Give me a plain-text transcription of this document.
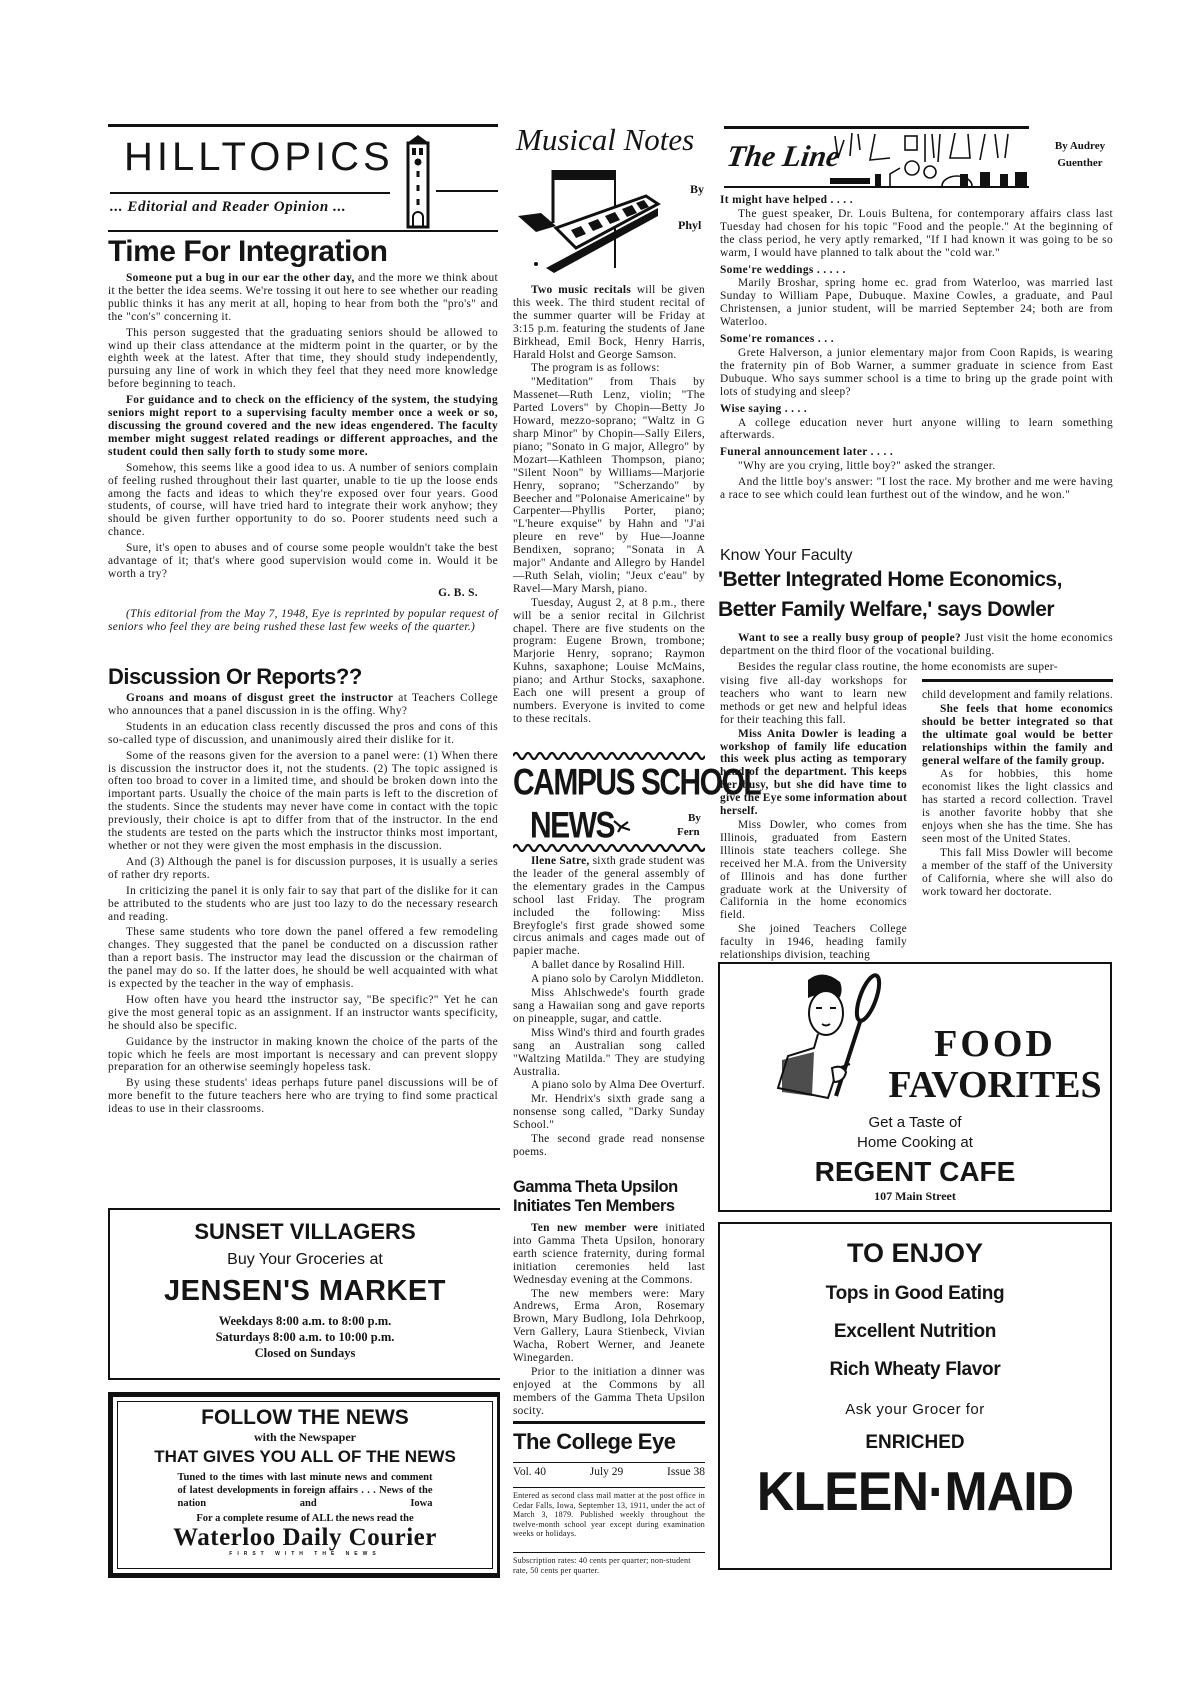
HILLTOPICS
... Editorial and Reader Opinion ...
Time For Integration

Someone put a bug in our ear the other day, and the more we think about it the better the idea seems. We're tossing it out here to see whether our reading public thinks it has any merit at all, hoping to hear from both the "pro's" and the "con's" concerning it.

This person suggested that the graduating seniors should be allowed to wind up their class attendance at the midterm point in the quarter, or by the eighth week at the latest. After that time, they should study independently, pursuing any line of work in which they feel that they need more knowledge before beginning to teach.

For guidance and to check on the efficiency of the system, the studying seniors might report to a supervising faculty member once a week or so, discussing the ground covered and the new ideas engendered. The faculty member might suggest related readings or different approaches, and the student could then sally forth to study some more.

Somehow, this seems like a good idea to us. A number of seniors complain of feeling rushed throughout their last quarter, unable to tie up the loose ends among the facts and ideas to which they're exposed over four years. Good students, of course, will have tried hard to integrate their work anyhow; they should be given further opportunity to do so. Poorer students need such a chance.

Sure, it's open to abuses and of course some people wouldn't take the best advantage of it; that's where good supervision would come in. Would it be worth a try?

G. B. S.

(This editorial from the May 7, 1948, Eye is reprinted by popular request of seniors who feel they are being rushed these last few weeks of the quarter.)

Discussion Or Reports??

Groans and moans of disgust greet the instructor at Teachers College who announces that a panel discussion in is the offing. Why?

Students in an education class recently discussed the pros and cons of this so-called type of discussion, and unanimously aired their dislike for it.

Some of the reasons given for the aversion to a panel were: (1) When there is discussion the instructor does it, not the students. (2) The topic assigned is often too broad to cover in a limited time, and should be broken down into the important parts. Usually the choice of the main parts is left to the discretion of the students. Since the students may never have come in contact with the topic previously, their choice is apt to differ from that of the instructor. In the end the students are tested on the parts which the instructor thinks most important, whether or not they were given the most emphasis in the discussion.

And (3) Although the panel is for discussion purposes, it is usually a series of rather dry reports.

In criticizing the panel it is only fair to say that part of the dislike for it can be attributed to the students who are just too lazy to do the necessary research and reading.

These same students who tore down the panel offered a few remodeling changes. They suggested that the panel be conducted on a discussion rather than a report basis. The instructor may lead the discussion or the chairman of the panel may do so. If the latter does, he should be well acquainted with what is expected by the teacher in the way of emphasis.

How often have you heard tthe instructor say, "Be specific?" Yet he can give the most general topic as an assignment. If an instructor wants specificity, he should also be specific.

Guidance by the instructor in making known the choice of the parts of the topic which he feels are most important is necessary and can prevent sloppy preparation for an otherwise seemingly hopeless task.

By using these students' ideas perhaps future panel discussions will be of more benefit to the future teachers here who are trying to find some practical ideas to use in their classrooms.

SUNSET VILLAGERS
Buy Your Groceries at
JENSEN'S MARKET
Weekdays 8:00 a.m. to 8:00 p.m.
Saturdays 8:00 a.m. to 10:00 p.m.
Closed on Sundays
FOLLOW THE NEWS
with the Newspaper
THAT GIVES YOU ALL OF THE NEWS
Tuned to the times with last minute news and comment of latest developments in foreign affairs . . . News of the nation and Iowa
For a complete resume of ALL the news read the
Waterloo Daily Courier
FIRST WITH THE NEWS
Musical Notes
By
Phyl

Two music recitals will be given this week. The third student recital of the summer quarter will be Friday at 3:15 p.m. featuring the students of Jane Birkhead, Emil Bock, Henry Harris, Harald Holst and George Samson.

The program is as follows:

"Meditation" from Thais by Massenet—Ruth Lenz, violin; "The Parted Lovers" by Chopin—Betty Jo Howard, mezzo-soprano; "Waltz in G sharp Minor" by Chopin—Sally Eilers, piano; "Sonato in G major, Allegro" by Mozart—Kathleen Thompson, piano; "Silent Noon" by Williams—Marjorie Henry, soprano; "Scherzando" by Beecher and "Polonaise Americaine" by Carpenter—Phyllis Porter, piano; "L'heure exquise" by Hahn and "J'ai pleure en reve" by Hue—Joanne Bendixen, soprano; "Sonata in A major" Andante and Allegro by Handel—Ruth Selah, violin; "Jeux c'eau" by Ravel—Mary Marsh, piano.

Tuesday, August 2, at 8 p.m., there will be a senior recital in Gilchrist chapel. There are five students on the program: Eugene Brown, trombone; Marjorie Henry, soprano; Raymon Kuhns, saxaphone; Louise McMains, piano; and Arthur Stocks, saxaphone. Each one will present a group of numbers. Everyone is invited to come to these recitals.

CAMPUS SCHOOL
NEWS	By
Fern

Ilene Satre, sixth grade student was the leader of the general assembly of the elementary grades in the Campus school last Friday. The program included the following: Miss Breyfogle's first grade showed some circus animals and cages made out of papier mache.

A ballet dance by Rosalind Hill.

A piano solo by Carolyn Middleton.

Miss Ahlschwede's fourth grade sang a Hawaiian song and gave reports on pineapple, sugar, and cattle.

Miss Wind's third and fourth grades sang an Australian song called "Waltzing Matilda." They are studying Australia.

A piano solo by Alma Dee Overturf.

Mr. Hendrix's sixth grade sang a nonsense song called, "Darky Sunday School."

The second grade read nonsense poems.

Gamma Theta Upsilon Initiates Ten Members

Ten new member were initiated into Gamma Theta Upsilon, honorary earth science fraternity, during formal initiation ceremonies held last Wednesday evening at the Commons.

The new members were: Mary Andrews, Erma Aron, Rosemary Brown, Mary Budlong, Iola Dehrkoop, Vern Gallery, Laura Stienbeck, Vivian Wacha, Robert Werner, and Jeanete Winegarden.

Prior to the initiation a dinner was enjoyed at the Commons by all members of the Gamma Theta Upsilon socity.

The College Eye
Vol. 40	July 29	Issue 38
Entered as second class mail matter at the post office in Cedar Falls, Iowa, September 13, 1911, under the act of March 3, 1879. Published weekly throughout the twelve-month school year except during examination weeks or holidays.
Subscription rates: 40 cents per quarter; non-student rate, 50 cents per quarter.
The Line	By Audrey
Guenther

It might have helped . . . .

The guest speaker, Dr. Louis Bultena, for contemporary affairs class last Tuesday had chosen for his topic "Food and the people." At the beginning of the class period, he very aptly remarked, "If I had known it was going to be so warm, I would have planned to talk about the "cold war."

Some're weddings . . . . .

Marily Broshar, spring home ec. grad from Waterloo, was married last Sunday to William Pape, Dubuque. Maxine Cowles, a graduate, and Paul Christensen, a junior student, will be married September 24; both are from Waterloo.

Some're romances . . .

Grete Halverson, a junior elementary major from Coon Rapids, is wearing the fraternity pin of Bob Warner, a summer graduate in science from East Dubuque. Who says summer school is a time to bring up the grade point with lots of studying and sleep?

Wise saying . . . .

A college education never hurt anyone willing to learn something afterwards.

Funeral announcement later . . . .

"Why are you crying, little boy?" asked the stranger.

And the little boy's answer: "I lost the race. My brother and me were having a race to see which could lean furthest out of the window, and he won."

Know Your Faculty
'Better Integrated Home Economics,
Better Family Welfare,' says Dowler

Want to see a really busy group of people? Just visit the home economics department on the third floor of the vocational building.

Besides the regular class routine, the home economists are super-

vising five all-day workshops for teachers who want to learn new methods or get new and helpful ideas for their teaching this fall.

Miss Anita Dowler is leading a workshop of family life education this week plus acting as temporary head of the department. This keeps her busy, but she did have time to give the Eye some information about herself.

Miss Dowler, who comes from Illinois, graduated from Eastern Illinois state teachers college. She received her M.A. from the University of Illinois and has done further graduate work at the University of California in the home economics field.

She joined Teachers College faculty in 1946, heading family relationships division, teaching

child development and family relations.

She feels that home economics should be better integrated so that the ultimate goal would be better relationships within the family and general welfare of the family group.

As for hobbies, this home economist likes the light classics and has started a record collection. Travel is another favorite hobby that she enjoys when she has the time. She has seen most of the United States.

This fall Miss Dowler will become a member of the staff of the University of California, where she will also do work toward her doctorate.

FOOD
FAVORITES
Get a Taste of
Home Cooking at
REGENT CAFE
107 Main Street
TO ENJOY
Tops in Good Eating
Excellent Nutrition
Rich Wheaty Flavor
Ask your Grocer for
ENRICHED
KLEEN·MAID
